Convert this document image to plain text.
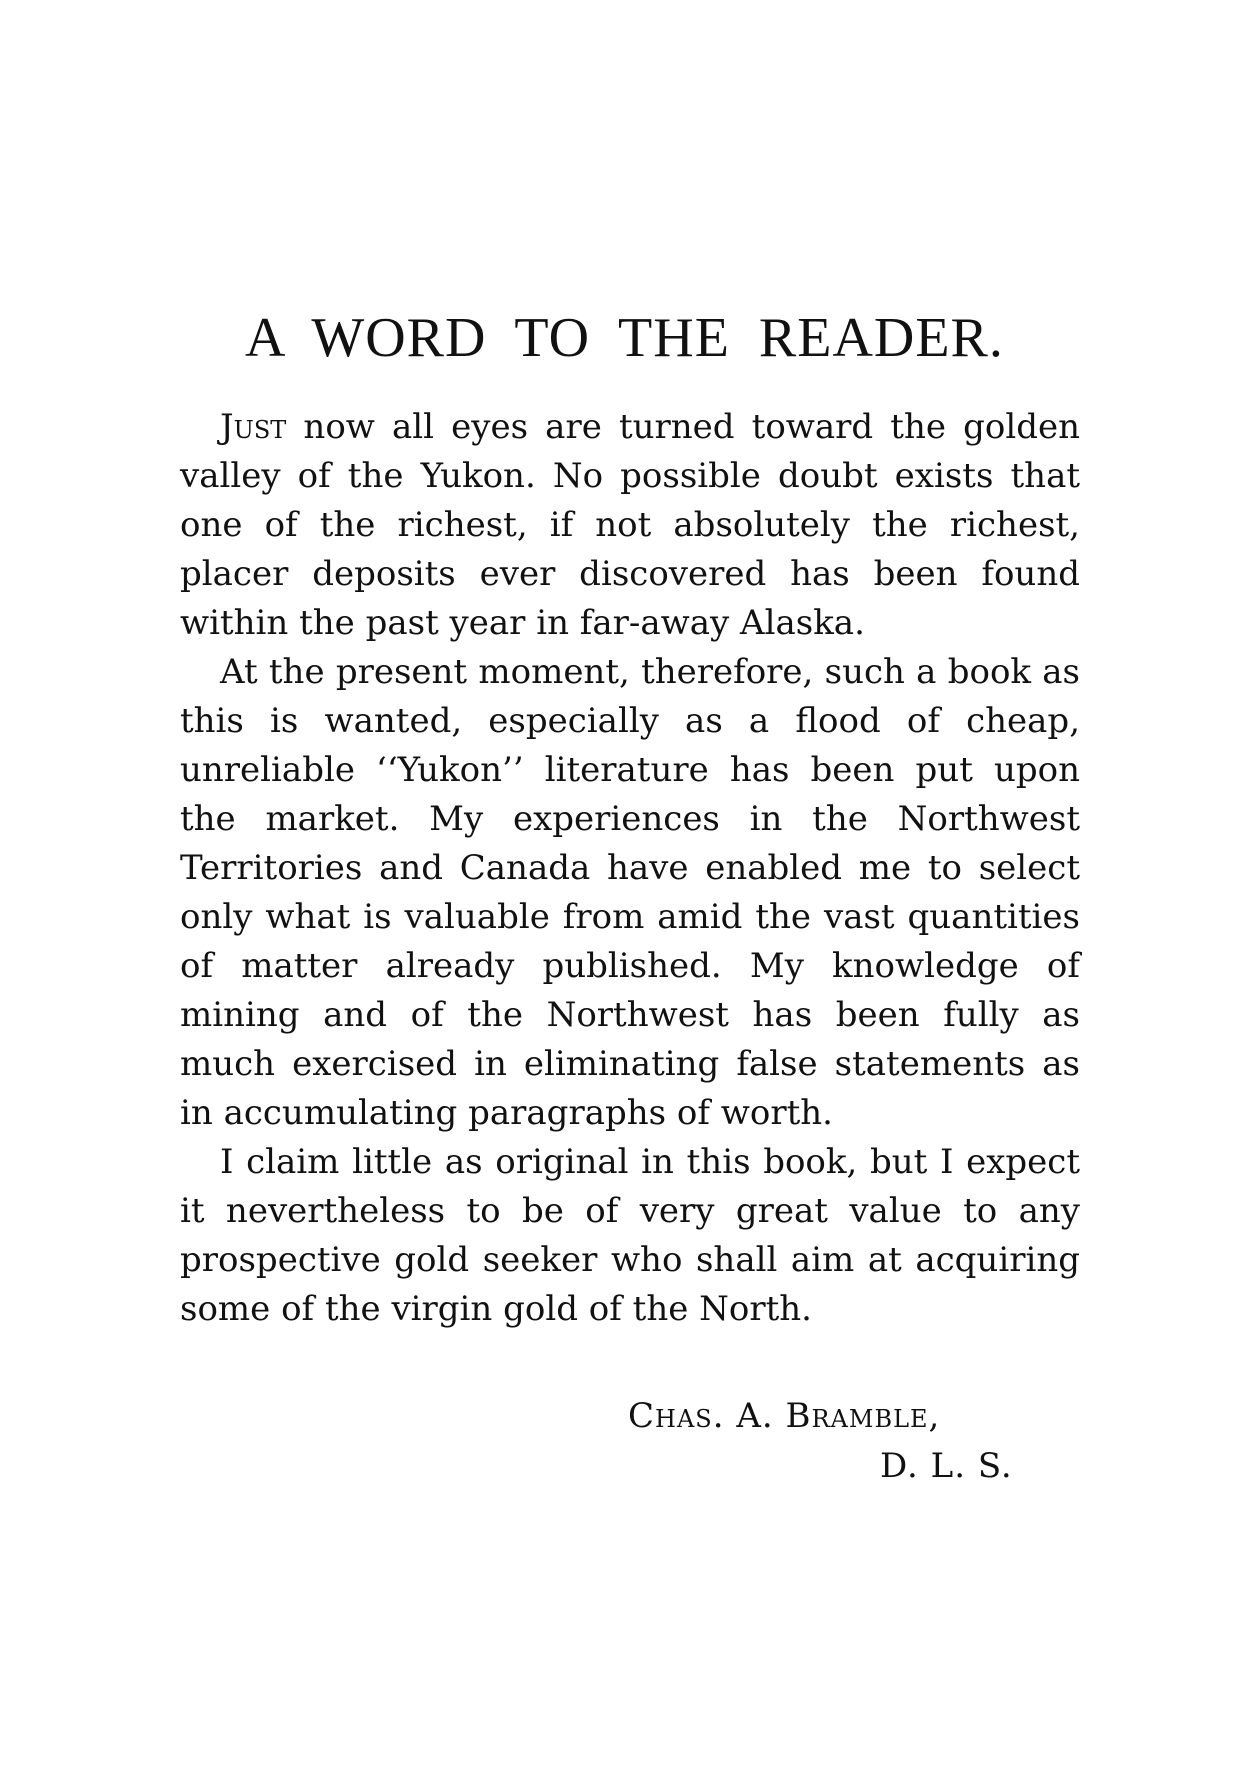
A WORD TO THE READER.

Just now all eyes are turned toward the golden valley of the Yukon. No possible doubt exists that one of the richest, if not absolutely the richest, placer deposits ever discovered has been found within the past year in far-away Alaska.

At the present moment, therefore, such a book as this is wanted, especially as a flood of cheap, unreliable ‘‘Yukon’’ literature has been put upon the market. My experiences in the Northwest Territories and Canada have enabled me to select only what is valuable from amid the vast quantities of matter already published. My knowledge of mining and of the Northwest has been fully as much exercised in eliminating false statements as in accumulating paragraphs of worth.

I claim little as original in this book, but I expect it nevertheless to be of very great value to any prospective gold seeker who shall aim at acquiring some of the virgin gold of the North.

Chas. A. Bramble,
D. L. S.
